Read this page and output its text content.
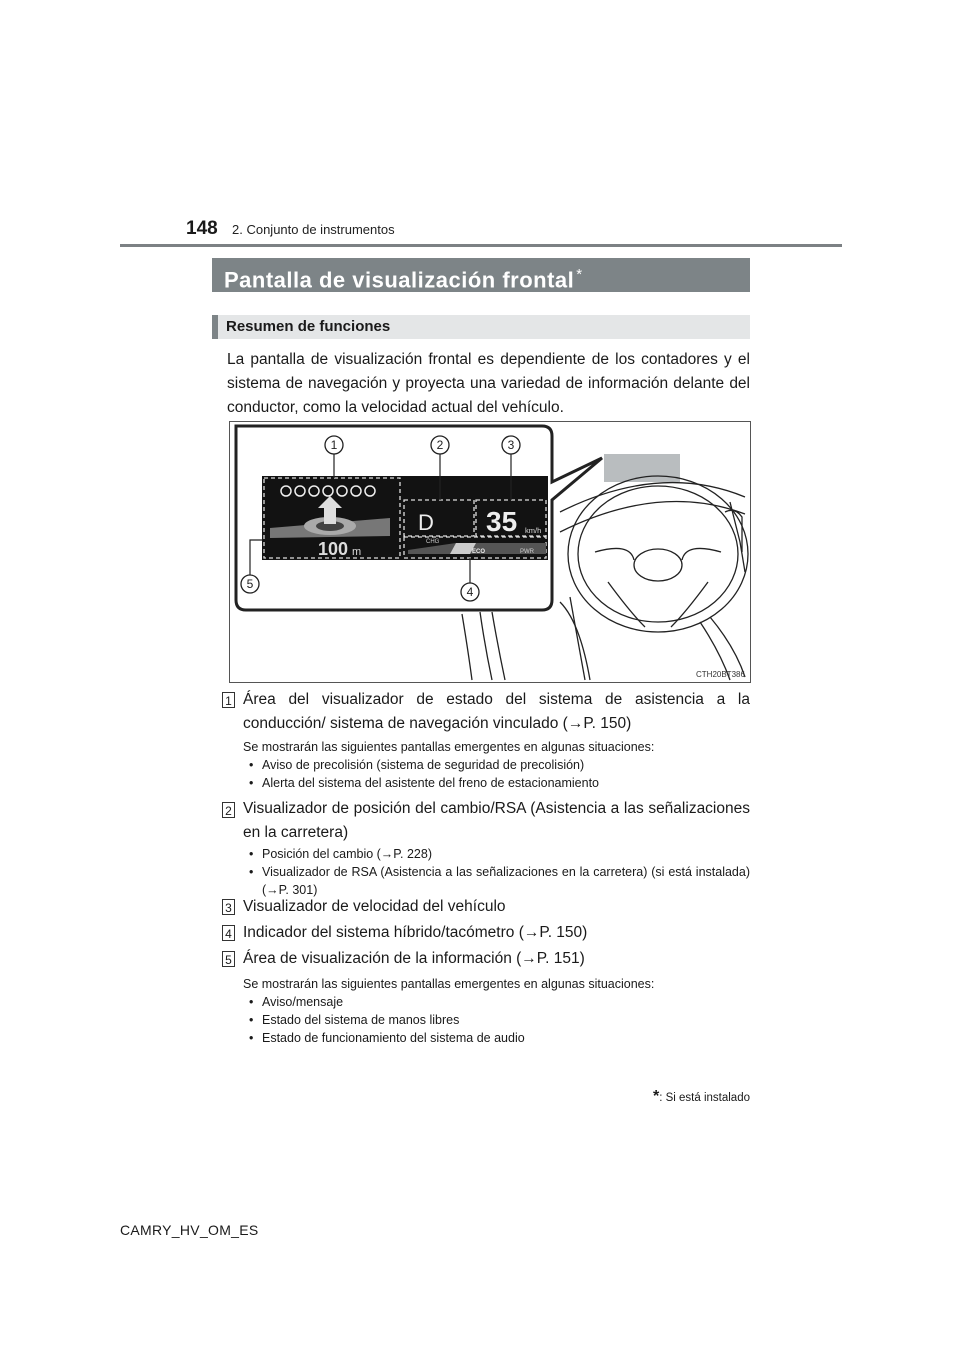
148 2. Conjunto de instrumentos
Pantalla de visualización frontal *
Resumen de funciones
La pantalla de visualización frontal es dependiente de los contadores y el sistema de navegación y proyecta una variedad de información delante del conductor, como la velocidad actual del vehículo.
100 m
D 35 km/h
CHG
ECO	PWR
1	2	3
4
5
CTH20BT386
1 Área del visualizador de estado del sistema de asistencia a la conducción/ sistema de navegación vinculado (→P. 150)
Se mostrarán las siguientes pantallas emergentes en algunas situaciones:
• Aviso de precolisión (sistema de seguridad de precolisión)
• Alerta del sistema del asistente del freno de estacionamiento
2 Visualizador de posición del cambio/RSA (Asistencia a las señalizaciones en la carretera)
• Posición del cambio (→P. 228)
• Visualizador de RSA (Asistencia a las señalizaciones en la carretera) (si está instalada) (→P. 301)
3 Visualizador de velocidad del vehículo
4 Indicador del sistema híbrido/tacómetro (→P. 150)
5 Área de visualización de la información (→P. 151)
Se mostrarán las siguientes pantallas emergentes en algunas situaciones:
• Aviso/mensaje
• Estado del sistema de manos libres
• Estado de funcionamiento del sistema de audio
*: Si está instalado
CAMRY_HV_OM_ES
